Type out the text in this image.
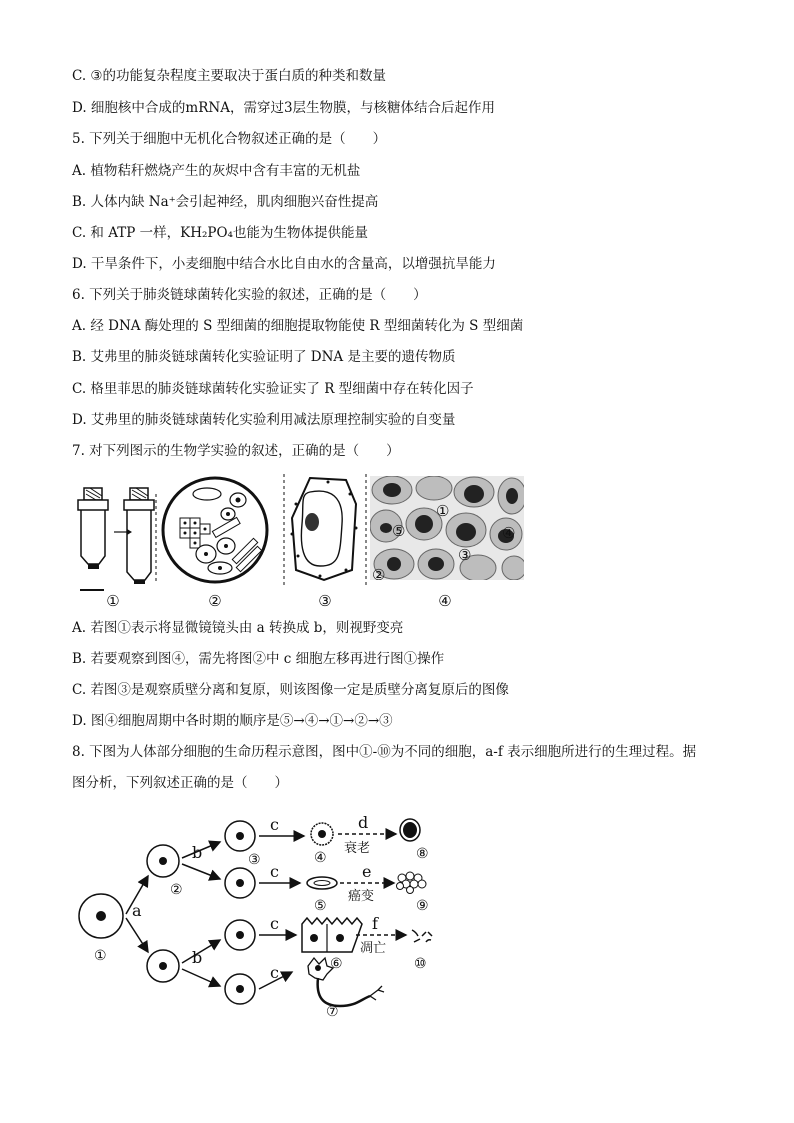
C. ③的功能复杂程度主要取决于蛋白质的种类和数量
D. 细胞核中合成的mRNA，需穿过3层生物膜，与核糖体结合后起作用
5. 下列关于细胞中无机化合物叙述正确的是（　　）
A. 植物秸秆燃烧产生的灰烬中含有丰富的无机盐
B. 人体内缺 Na⁺会引起神经，肌肉细胞兴奋性提高
C. 和 ATP 一样，KH₂PO₄也能为生物体提供能量
D. 干旱条件下，小麦细胞中结合水比自由水的含量高，以增强抗旱能力
6. 下列关于肺炎链球菌转化实验的叙述，正确的是（　　）
A. 经 DNA 酶处理的 S 型细菌的细胞提取物能使 R 型细菌转化为 S 型细菌
B. 艾弗里的肺炎链球菌转化实验证明了 DNA 是主要的遗传物质
C. 格里菲思的肺炎链球菌转化实验证实了 R 型细菌中存在转化因子
D. 艾弗里的肺炎链球菌转化实验利用减法原理控制实验的自变量
7. 对下列图示的生物学实验的叙述，正确的是（　　）
①
④
⑤
③
②
①	②	③	④
A. 若图①表示将显微镜镜头由 a 转换成 b，则视野变亮
B. 若要观察到图④，需先将图②中 c 细胞左移再进行图①操作
C. 若图③是观察质壁分离和复原，则该图像一定是质壁分离复原后的图像
D. 图④细胞周期中各时期的顺序是⑤→④→①→②→③
8. 下图为人体部分细胞的生命历程示意图，图中①-⑩为不同的细胞，a-f 表示细胞所进行的生理过程。据
图分析，下列叙述正确的是（　　）
a
b
b
c
c
c
c
d
e
f
衰老
癌变
凋亡
①
②
③	④
⑤
⑥
⑦
⑧
⑨
⑩
